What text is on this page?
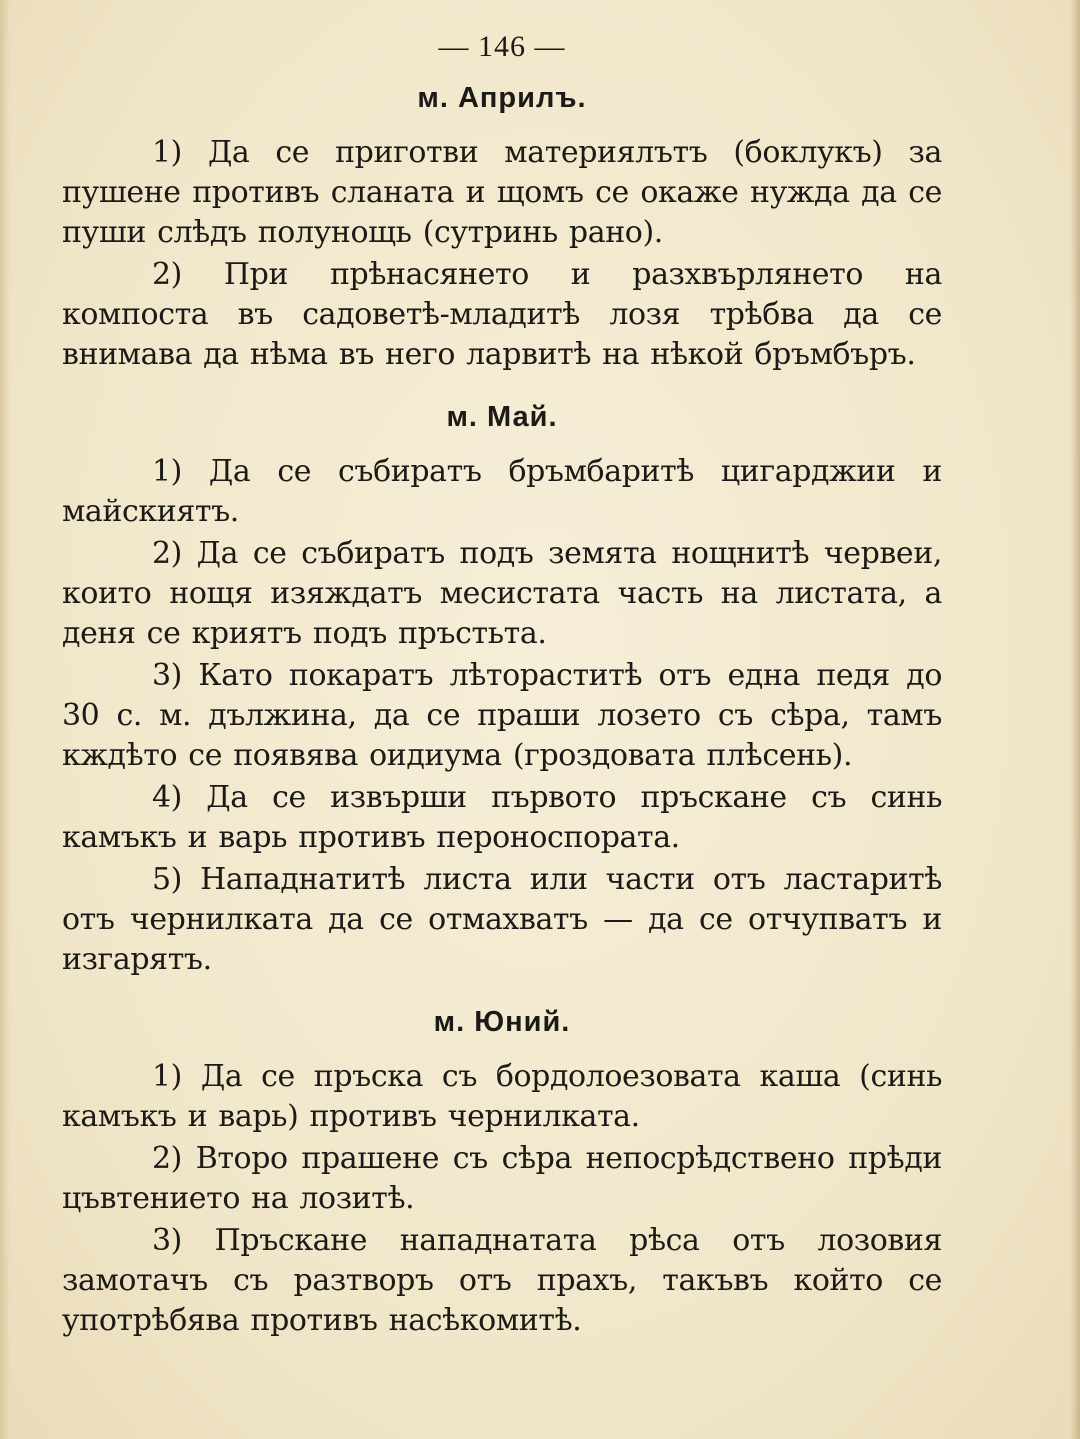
— 146 —
м. Априлъ.

1) Да се приготви материялътъ (боклукъ) за пушене противъ сланата и щомъ се окаже нужда да се пуши слѣдъ полунощь (сутринь рано).

2) При прѣнасянето и разхвърлянето на компоста въ садоветѣ-младитѣ лозя трѣбва да се внимава да нѣма въ него ларвитѣ на нѣкой бръмбъръ.

м. Май.

1) Да се събиратъ бръмбаритѣ цигарджии и майскиятъ.

2) Да се събиратъ подъ земята нощнитѣ червеи, които нощя изяждатъ месистата часть на листата, а деня се криятъ подъ пръстьта.

3) Като покаратъ лѣтораститѣ отъ една педя до 30 с. м. дължина, да се праши лозето съ сѣра, тамъ кждѣто се появява оидиума (гроздовата плѣсень).

4) Да се извърши първото пръскане съ синь камъкъ и варь противъ пероноспората.

5) Нападнатитѣ листа или части отъ ластаритѣ отъ чернилката да се отмахватъ — да се отчупватъ и изгарятъ.

м. Юний.

1) Да се пръска съ бордолоезовата каша (синь камъкъ и варь) противъ чернилката.

2) Второ прашене съ сѣра непосрѣдствено прѣди цъвтението на лозитѣ.

3) Пръскане нападнатата рѣса отъ лозовия замотачъ съ разтворъ отъ прахъ, такъвъ който се употрѣбява противъ насѣкомитѣ.
